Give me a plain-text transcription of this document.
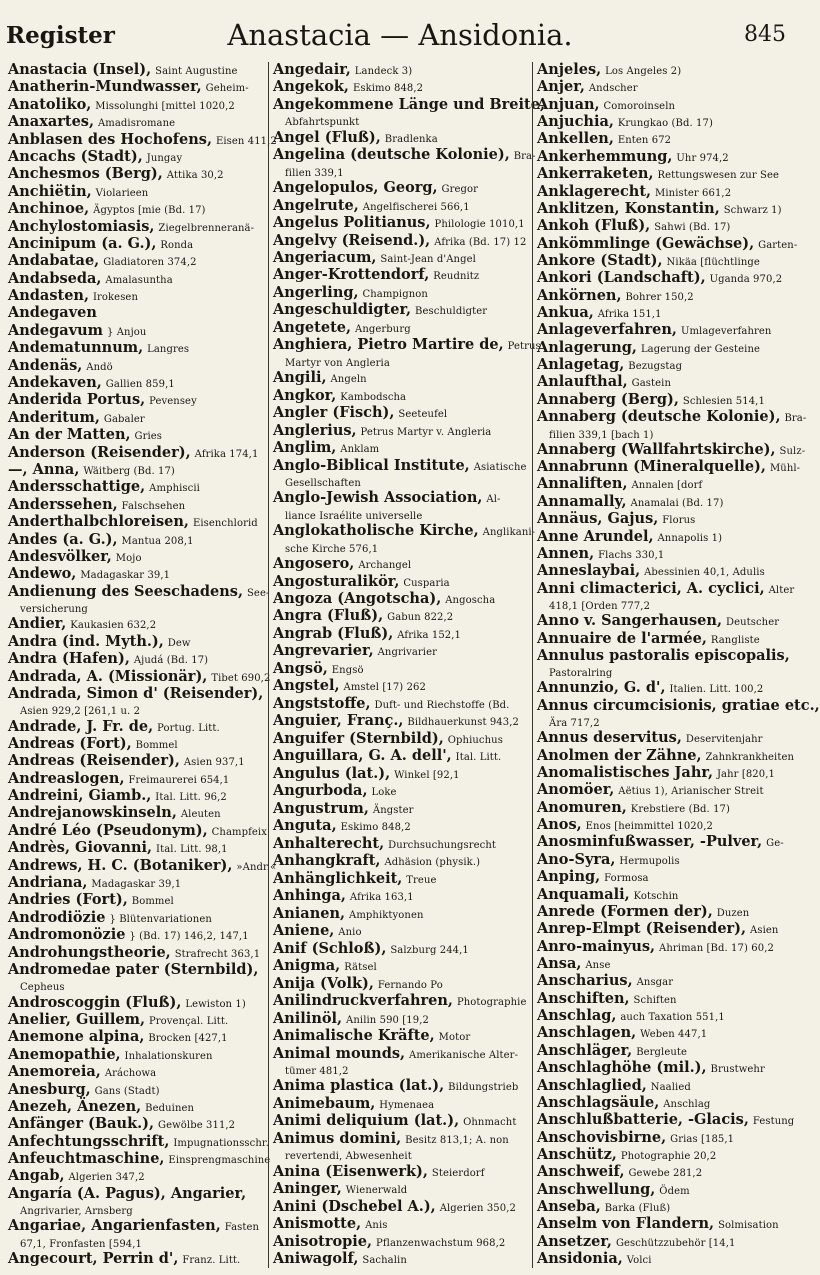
Register	Anastacia — Ansidonia.	845
Anastacia (Insel), Saint Augustine
Anatherin-Mundwasser, Geheim-
Anatoliko, Missolunghi [mittel 1020,2
Anaxartes, Amadisromane
Anblasen des Hochofens, Eisen 411,2
Ancachs (Stadt), Jungay
Anchesmos (Berg), Attika 30,2
Anchiëtin, Violarieen
Anchinoe, Ägyptos [mie (Bd. 17)
Anchylostomiasis, Ziegelbrenneranä-
Ancinipum (a. G.), Ronda
Andabatae, Gladiatoren 374,2
Andabseda, Amalasuntha
Andasten, Irokesen
Andegaven
Andegavum } Anjou
Andematunnum, Langres
Andenäs, Andö
Andekaven, Gallien 859,1
Anderida Portus, Pevensey
Anderitum, Gabaler
An der Matten, Gries
Anderson (Reisender), Afrika 174,1
—, Anna, Wäitberg (Bd. 17)
Andersschattige, Amphiscii
Anderssehen, Falschsehen
Anderthalbchloreisen, Eisenchlorid
Andes (a. G.), Mantua 208,1
Andesvölker, Mojo
Andewo, Madagaskar 39,1
Andienung des Seeschadens, See-
versicherung
Andier, Kaukasien 632,2
Andra (ind. Myth.), Dew
Andra (Hafen), Ajudá (Bd. 17)
Andrada, A. (Missionär), Tibet 690,2
Andrada, Simon d' (Reisender),
Asien 929,2 [261,1 u. 2
Andrade, J. Fr. de, Portug. Litt.
Andreas (Fort), Bommel
Andreas (Reisender), Asien 937,1
Andreaslogen, Freimaurerei 654,1
Andreini, Giamb., Ital. Litt. 96,2
Andrejanowskinseln, Aleuten
André Léo (Pseudonym), Champfeix
Andrès, Giovanni, Ital. Litt. 98,1
Andrews, H. C. (Botaniker), »Andr.«
Andriana, Madagaskar 39,1
Andries (Fort), Bommel
Androdiözie } Blütenvariationen
Andromonözie } (Bd. 17) 146,2, 147,1
Androhungstheorie, Strafrecht 363,1
Andromedae pater (Sternbild),
Cepheus
Androscoggin (Fluß), Lewiston 1)
Anelier, Guillem, Provençal. Litt.
Anemone alpina, Brocken [427,1
Anemopathie, Inhalationskuren
Anemoreia, Aráchowa
Anesburg, Gans (Stadt)
Anezeh, Änezen, Beduinen
Anfänger (Bauk.), Gewölbe 311,2
Anfechtungsschrift, Impugnationsschr.
Anfeuchtmaschine, Einsprengmaschine
Angab, Algerien 347,2
Angaría (A. Pagus), Angarier,
Angrivarier, Arnsberg
Angariae, Angarienfasten, Fasten
67,1, Fronfasten [594,1
Angecourt, Perrin d', Franz. Litt.
Angedair, Landeck 3)
Angekok, Eskimo 848,2
Angekommene Länge und Breite,
Abfahrtspunkt
Angel (Fluß), Bradlenka
Angelina (deutsche Kolonie), Bra-
filien 339,1
Angelopulos, Georg, Gregor
Angelrute, Angelfischerei 566,1
Angelus Politianus, Philologie 1010,1
Angelvy (Reisend.), Afrika (Bd. 17) 12
Angeriacum, Saint-Jean d'Angel
Anger-Krottendorf, Reudnitz
Angerling, Champignon
Angeschuldigter, Beschuldigter
Angetete, Angerburg
Anghiera, Pietro Martire de, Petrus
Martyr von Angleria
Angili, Angeln
Angkor, Kambodscha
Angler (Fisch), Seeteufel
Anglerius, Petrus Martyr v. Angleria
Anglim, Anklam
Anglo-Biblical Institute, Asiatische
Gesellschaften
Anglo-Jewish Association, Al-
liance Israélite universelle
Anglokatholische Kirche, Anglikani-
sche Kirche 576,1
Angosero, Archangel
Angosturalikör, Cusparia
Angoza (Angotscha), Angoscha
Angra (Fluß), Gabun 822,2
Angrab (Fluß), Afrika 152,1
Angrevarier, Angrivarier
Angsö, Engsö
Angstel, Amstel [17) 262
Angststoffe, Duft- und Riechstoffe (Bd.
Anguier, Franç., Bildhauerkunst 943,2
Anguifer (Sternbild), Ophiuchus
Anguillara, G. A. dell', Ital. Litt.
Angulus (lat.), Winkel [92,1
Angurboda, Loke
Angustrum, Ängster
Anguta, Eskimo 848,2
Anhalterecht, Durchsuchungsrecht
Anhangkraft, Adhäsion (physik.)
Anhänglichkeit, Treue
Anhinga, Afrika 163,1
Anianen, Amphiktyonen
Aniene, Anio
Anif (Schloß), Salzburg 244,1
Anigma, Rätsel
Anija (Volk), Fernando Po
Anilindruckverfahren, Photographie
Anilinöl, Anilin 590 [19,2
Animalische Kräfte, Motor
Animal mounds, Amerikanische Alter-
tümer 481,2
Anima plastica (lat.), Bildungstrieb
Animebaum, Hymenaea
Animi deliquium (lat.), Ohnmacht
Animus domini, Besitz 813,1; A. non
revertendi, Abwesenheit
Anina (Eisenwerk), Steierdorf
Aninger, Wienerwald
Anini (Dschebel A.), Algerien 350,2
Anismotte, Anis
Anisotropie, Pflanzenwachstum 968,2
Aniwagolf, Sachalin
Anjeles, Los Angeles 2)
Anjer, Andscher
Anjuan, Comoroinseln
Anjuchia, Krungkao (Bd. 17)
Ankellen, Enten 672
Ankerhemmung, Uhr 974,2
Ankerraketen, Rettungswesen zur See
Anklagerecht, Minister 661,2
Anklitzen, Konstantin, Schwarz 1)
Ankoh (Fluß), Sahwi (Bd. 17)
Ankömmlinge (Gewächse), Garten-
Ankore (Stadt), Nikäa [flüchtlinge
Ankori (Landschaft), Uganda 970,2
Ankörnen, Bohrer 150,2
Ankua, Afrika 151,1
Anlageverfahren, Umlageverfahren
Anlagerung, Lagerung der Gesteine
Anlagetag, Bezugstag
Anlaufthal, Gastein
Annaberg (Berg), Schlesien 514,1
Annaberg (deutsche Kolonie), Bra-
filien 339,1 [bach 1)
Annaberg (Wallfahrtskirche), Sulz-
Annabrunn (Mineralquelle), Mühl-
Annaliften, Annalen [dorf
Annamally, Anamalai (Bd. 17)
Annäus, Gajus, Florus
Anne Arundel, Annapolis 1)
Annen, Flachs 330,1
Anneslaybai, Abessinien 40,1, Adulis
Anni climacterici, A. cyclici, Alter
418,1 [Orden 777,2
Anno v. Sangerhausen, Deutscher
Annuaire de l'armée, Rangliste
Annulus pastoralis episcopalis,
Pastoralring
Annunzio, G. d', Italien. Litt. 100,2
Annus circumcisionis, gratiae etc.,
Ära 717,2
Annus deservitus, Deservitenjahr
Anolmen der Zähne, Zahnkrankheiten
Anomalistisches Jahr, Jahr [820,1
Anomöer, Aëtius 1), Arianischer Streit
Anomuren, Krebstiere (Bd. 17)
Anos, Enos [heimmittel 1020,2
Anosminfußwasser, -Pulver, Ge-
Ano-Syra, Hermupolis
Anping, Formosa
Anquamali, Kotschin
Anrede (Formen der), Duzen
Anrep-Elmpt (Reisender), Asien
Anro-mainyus, Ahriman [Bd. 17) 60,2
Ansa, Anse
Anscharius, Ansgar
Anschiften, Schiften
Anschlag, auch Taxation 551,1
Anschlagen, Weben 447,1
Anschläger, Bergleute
Anschlaghöhe (mil.), Brustwehr
Anschlaglied, Naalied
Anschlagsäule, Anschlag
Anschlußbatterie, -Glacis, Festung
Anschovisbirne, Grias [185,1
Anschütz, Photographie 20,2
Anschweif, Gewebe 281,2
Anschwellung, Ödem
Anseba, Barka (Fluß)
Anselm von Flandern, Solmisation
Ansetzer, Geschützzubehör [14,1
Ansidonia, Volci
